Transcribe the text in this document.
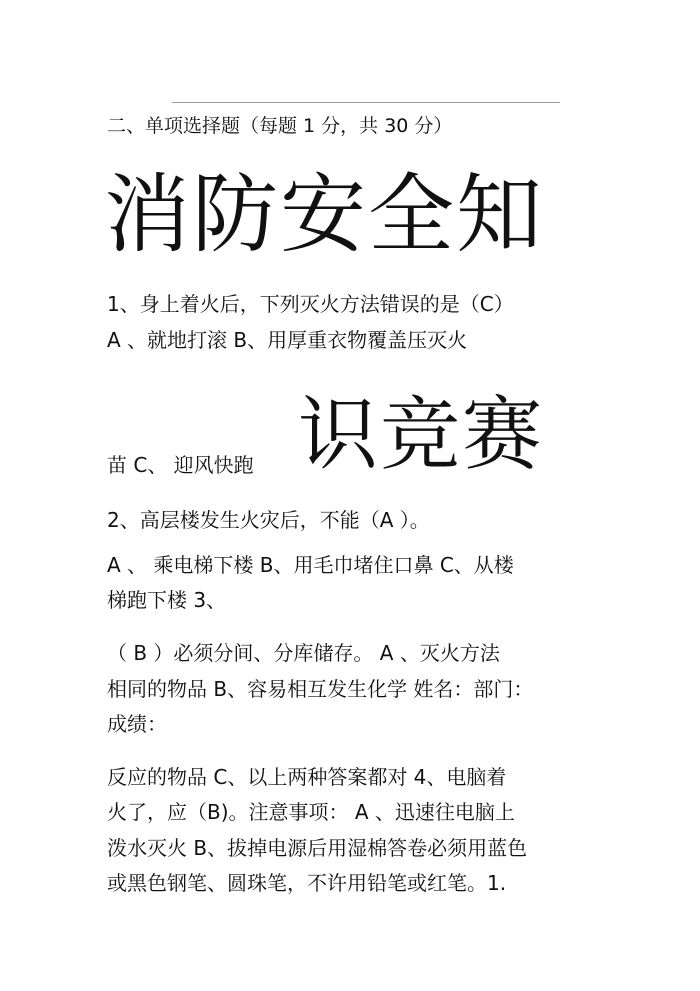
二、单项选择题（每题 1 分，共 30 分）
消防安全知
1、身上着火后，下列灭火方法错误的是（C）
A 、就地打滚 B、用厚重衣物覆盖压灭火
苗 C、 迎风快跑 识竞赛
2、高层楼发生火灾后，不能（A ）。
A 、 乘电梯下楼 B、用毛巾堵住口鼻 C、从楼
梯跑下楼 3、
（ B ）必须分间、分库储存。 A 、灭火方法
相同的物品 B、容易相互发生化学 姓名：部门：
成绩：
反应的物品 C、以上两种答案都对 4、电脑着
火了，应（B)。注意事项： A 、迅速往电脑上
泼水灭火 B、拔掉电源后用湿棉答卷必须用蓝色
或黑色钢笔、圆珠笔，不许用铅笔或红笔。1.
